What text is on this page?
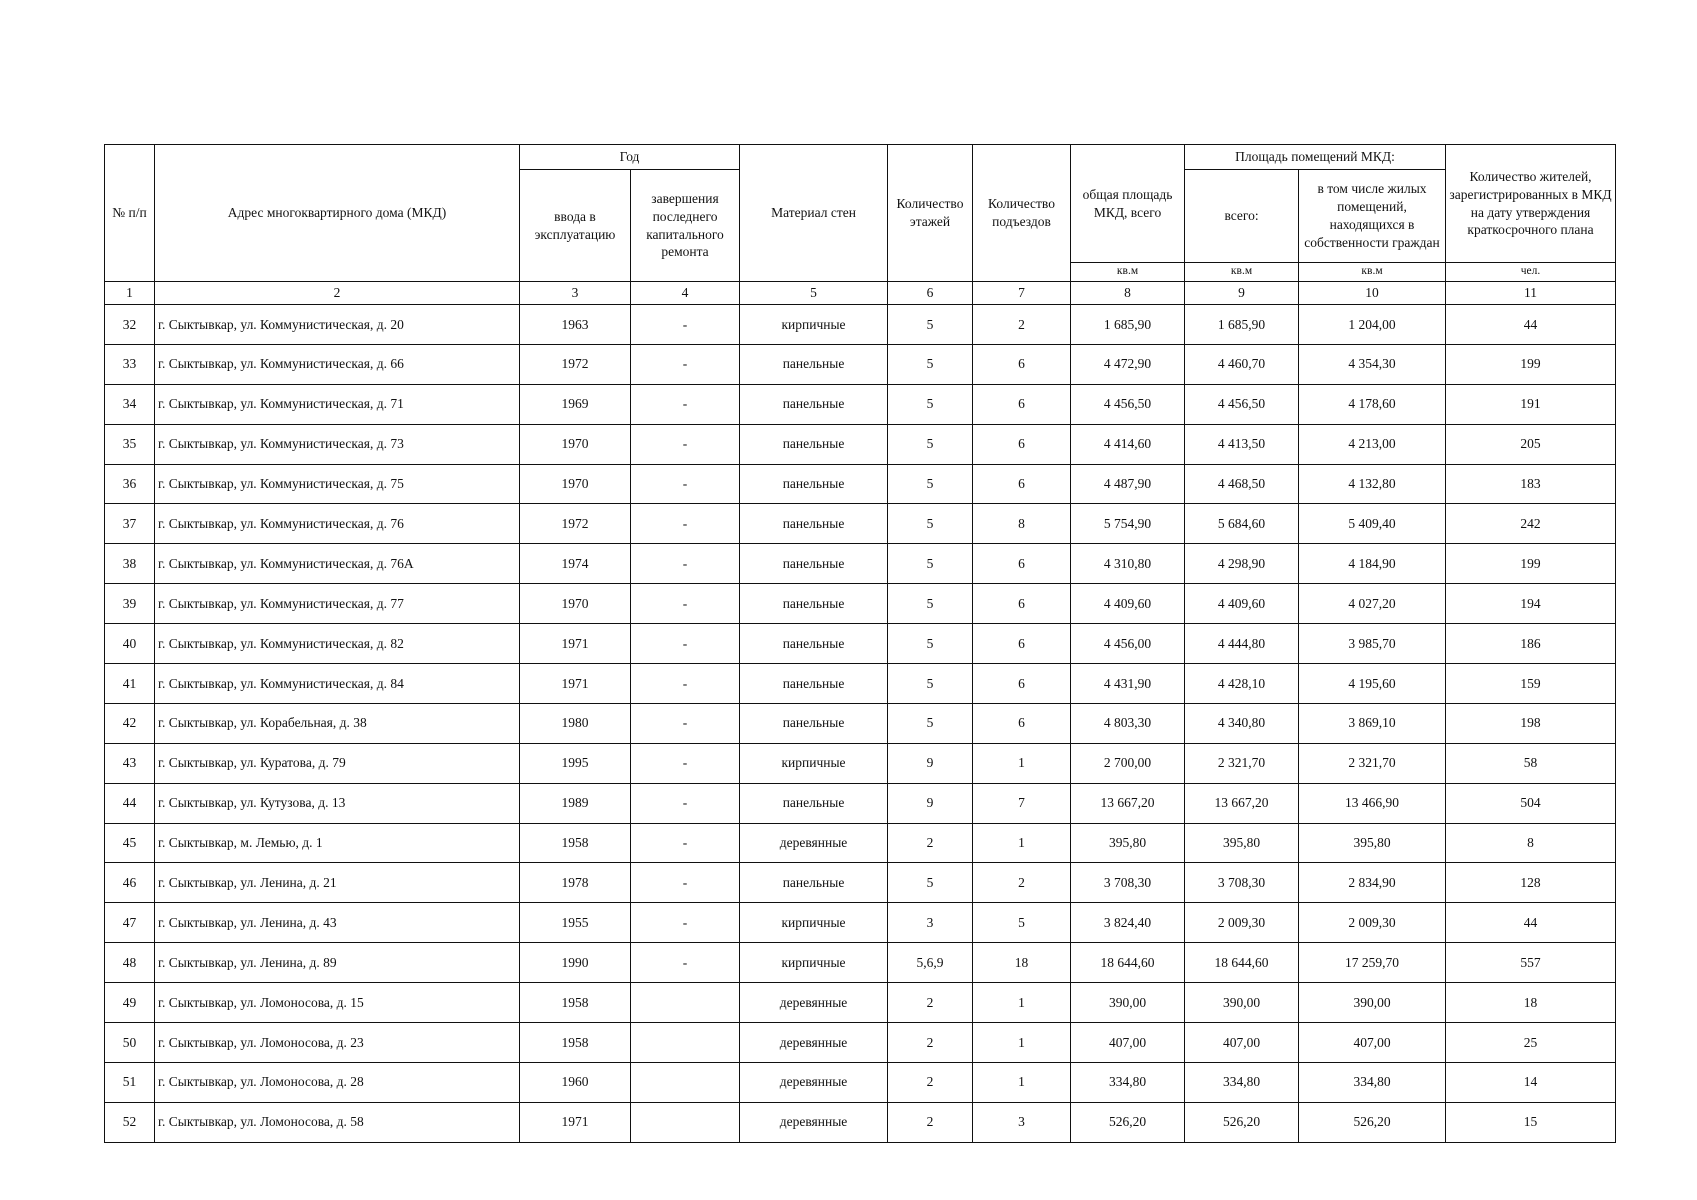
№ п/п	Адрес многоквартирного дома (МКД)	Год		Материал стен	Количество этажей	Количество подъездов	общая площадь МКД, всего	Площадь помещений МКД:		Количество жителей, зарегистрированных в МКД на дату утверждения краткосрочного плана
		ввода в эксплуатацию	завершения последнего капитального ремонта					всего:	в том числе жилых помещений, находящихся в собственности граждан	
							кв.м	кв.м	кв.м	чел.
1	2	3	4	5	6	7	8	9	10	11
32	г. Сыктывкар, ул. Коммунистическая, д. 20	1963	-	кирпичные	5	2	1 685,90	1 685,90	1 204,00	44
33	г. Сыктывкар, ул. Коммунистическая, д. 66	1972	-	панельные	5	6	4 472,90	4 460,70	4 354,30	199
34	г. Сыктывкар, ул. Коммунистическая, д. 71	1969	-	панельные	5	6	4 456,50	4 456,50	4 178,60	191
35	г. Сыктывкар, ул. Коммунистическая, д. 73	1970	-	панельные	5	6	4 414,60	4 413,50	4 213,00	205
36	г. Сыктывкар, ул. Коммунистическая, д. 75	1970	-	панельные	5	6	4 487,90	4 468,50	4 132,80	183
37	г. Сыктывкар, ул. Коммунистическая, д. 76	1972	-	панельные	5	8	5 754,90	5 684,60	5 409,40	242
38	г. Сыктывкар, ул. Коммунистическая, д. 76А	1974	-	панельные	5	6	4 310,80	4 298,90	4 184,90	199
39	г. Сыктывкар, ул. Коммунистическая, д. 77	1970	-	панельные	5	6	4 409,60	4 409,60	4 027,20	194
40	г. Сыктывкар, ул. Коммунистическая, д. 82	1971	-	панельные	5	6	4 456,00	4 444,80	3 985,70	186
41	г. Сыктывкар, ул. Коммунистическая, д. 84	1971	-	панельные	5	6	4 431,90	4 428,10	4 195,60	159
42	г. Сыктывкар, ул. Корабельная, д. 38	1980	-	панельные	5	6	4 803,30	4 340,80	3 869,10	198
43	г. Сыктывкар, ул. Куратова, д. 79	1995	-	кирпичные	9	1	2 700,00	2 321,70	2 321,70	58
44	г. Сыктывкар, ул. Кутузова, д. 13	1989	-	панельные	9	7	13 667,20	13 667,20	13 466,90	504
45	г. Сыктывкар, м. Лемью, д. 1	1958	-	деревянные	2	1	395,80	395,80	395,80	8
46	г. Сыктывкар, ул. Ленина, д. 21	1978	-	панельные	5	2	3 708,30	3 708,30	2 834,90	128
47	г. Сыктывкар, ул. Ленина, д. 43	1955	-	кирпичные	3	5	3 824,40	2 009,30	2 009,30	44
48	г. Сыктывкар, ул. Ленина, д. 89	1990	-	кирпичные	5,6,9	18	18 644,60	18 644,60	17 259,70	557
49	г. Сыктывкар, ул. Ломоносова, д. 15	1958		деревянные	2	1	390,00	390,00	390,00	18
50	г. Сыктывкар, ул. Ломоносова, д. 23	1958		деревянные	2	1	407,00	407,00	407,00	25
51	г. Сыктывкар, ул. Ломоносова, д. 28	1960		деревянные	2	1	334,80	334,80	334,80	14
52	г. Сыктывкар, ул. Ломоносова, д. 58	1971		деревянные	2	3	526,20	526,20	526,20	15
